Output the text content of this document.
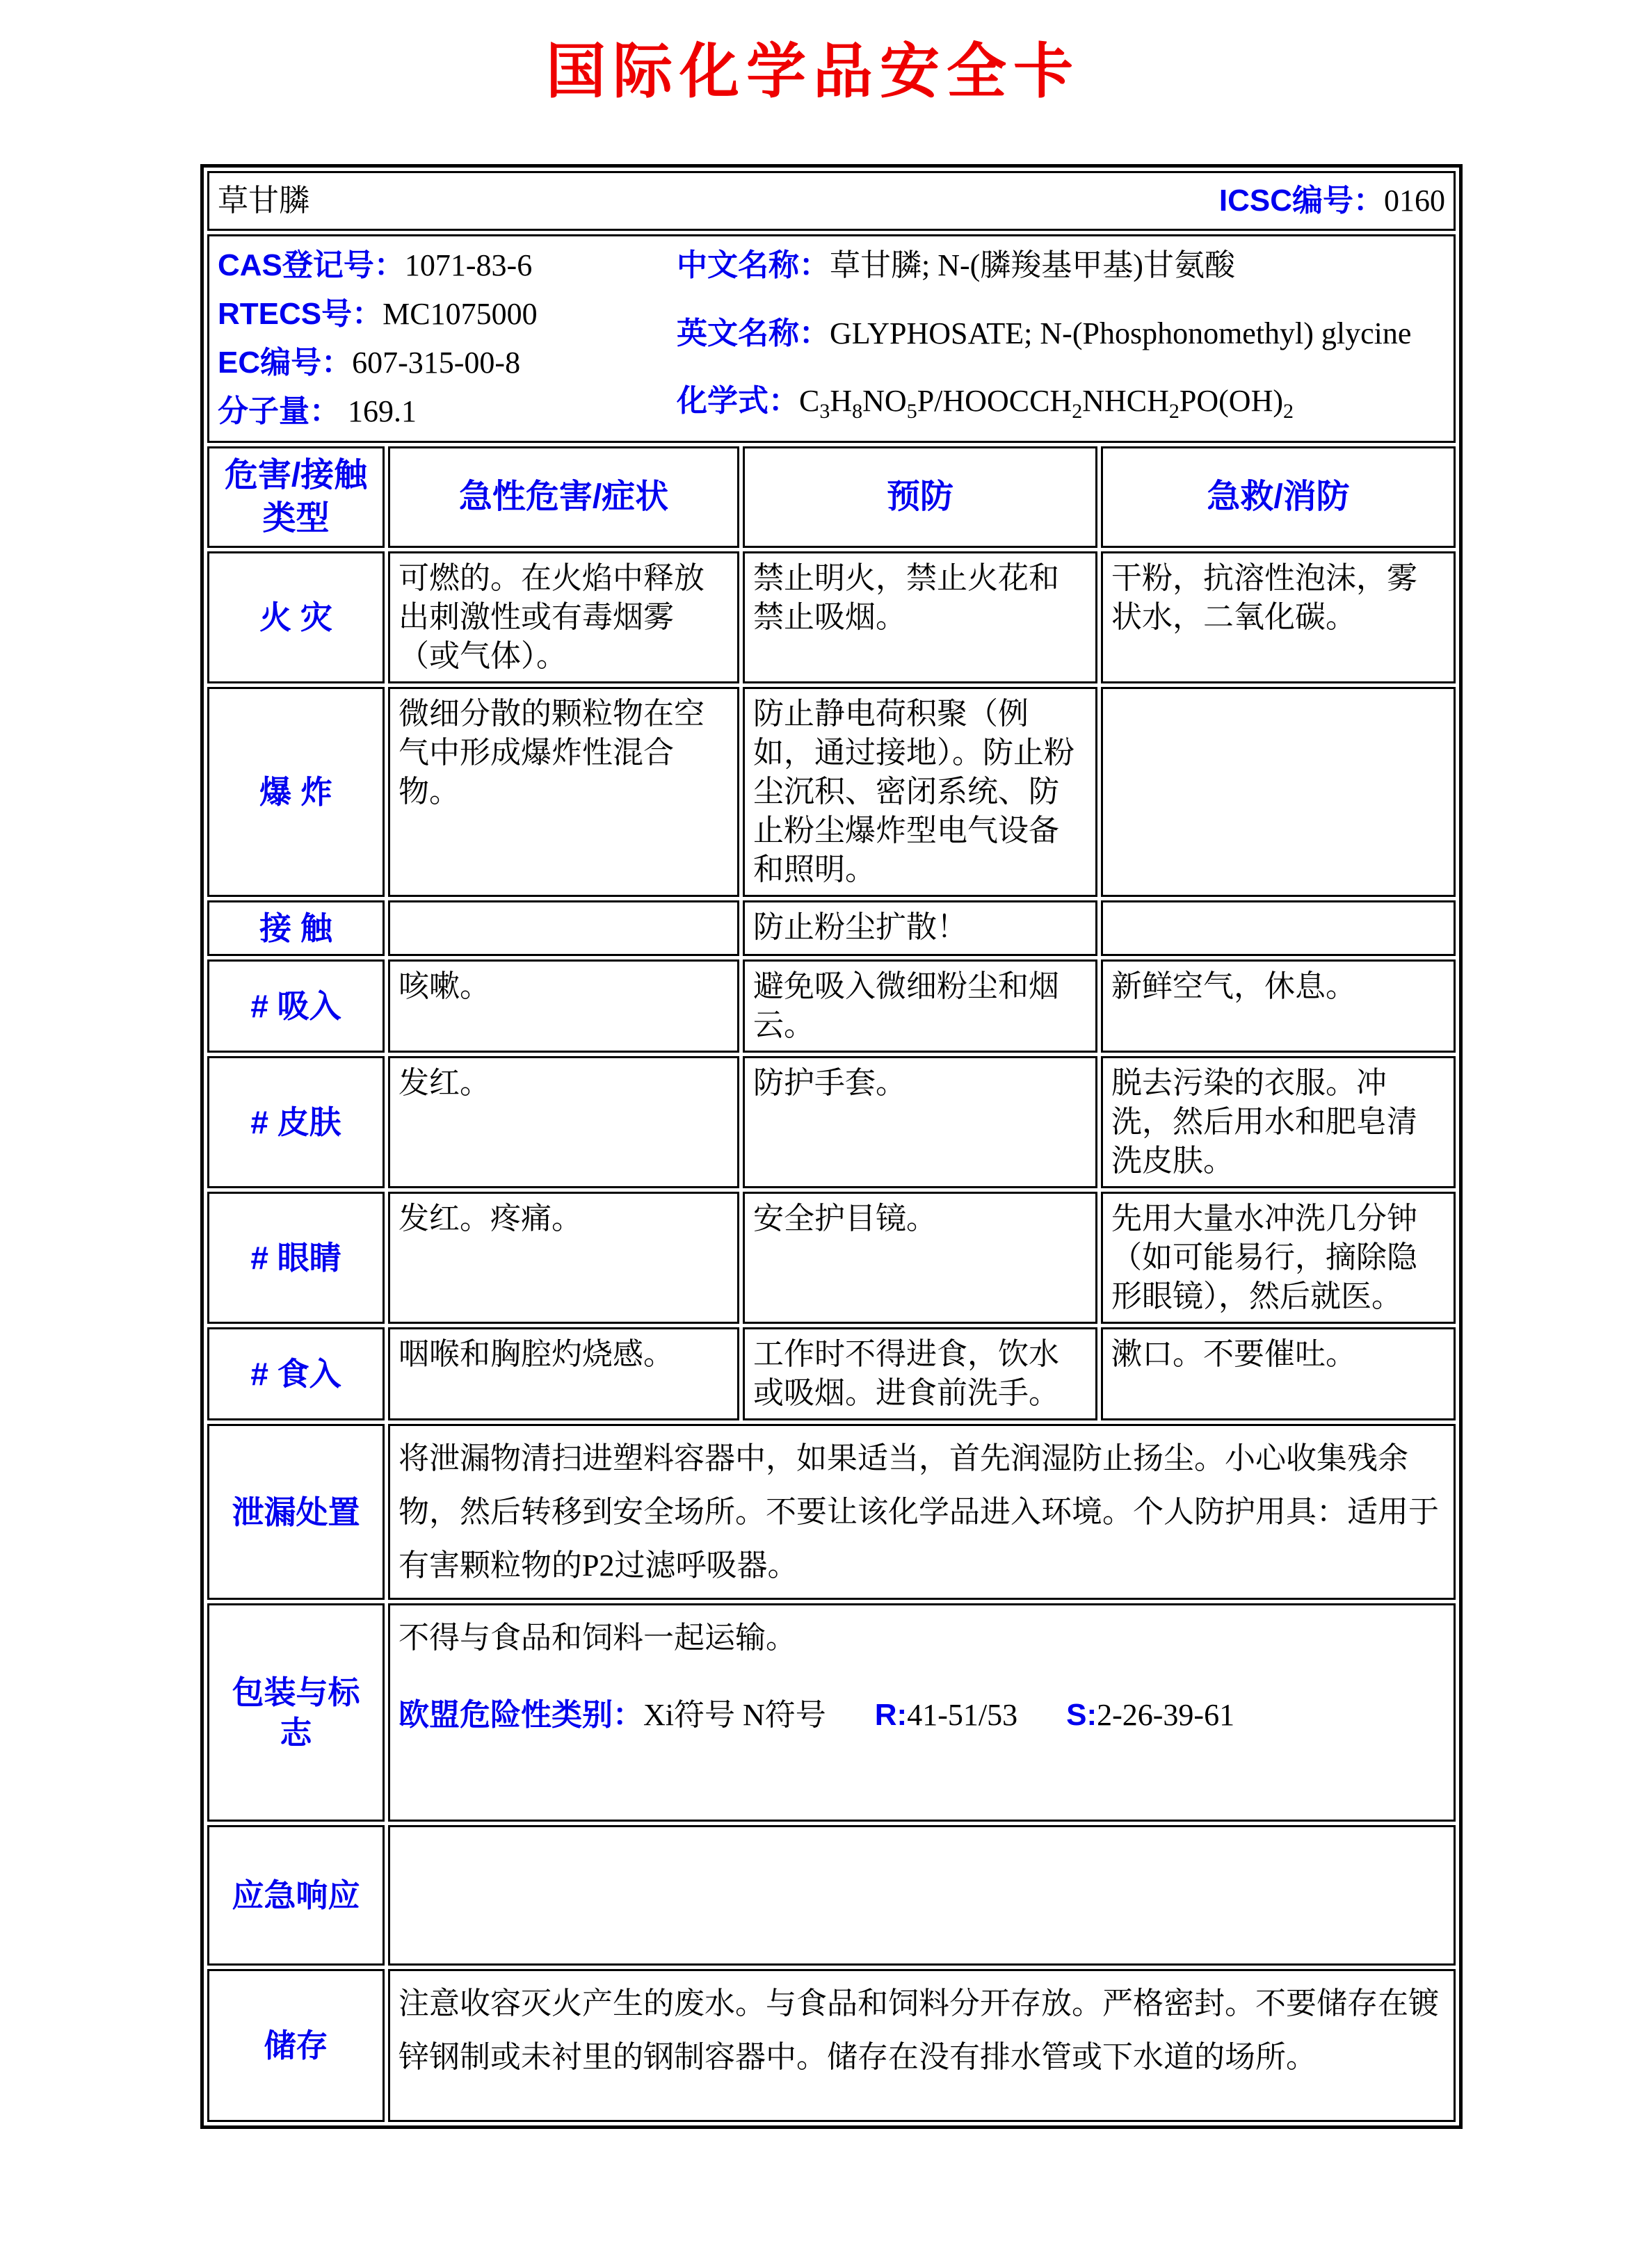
国际化学品安全卡
草甘膦 ICSC编号：0160			

CAS登记号：1071-83-6
RTECS号：MC1075000
EC编号：607-315-00-8
分子量： 169.1
中文名称：草甘膦; N-(膦羧基甲基)甘氨酸
英文名称：GLYPHOSATE; N-(Phosphonomethyl) glycine
化学式：$C_3H_8NO_5P/HOOCCH_2NHCH_2PO(OH)_2$

危害/接触
类型	急性危害/症状	预防	急救/消防
火 灾	可燃的。在火焰中释放出刺激性或有毒烟雾（或气体）。	禁止明火，禁止火花和禁止吸烟。	干粉，抗溶性泡沫，雾状水，二氧化碳。
爆 炸	微细分散的颗粒物在空气中形成爆炸性混合物。	防止静电荷积聚（例如，通过接地）。防止粉尘沉积、密闭系统、防止粉尘爆炸型电气设备和照明。	
接 触		防止粉尘扩散！	
# 吸入	咳嗽。	避免吸入微细粉尘和烟云。	新鲜空气，休息。
# 皮肤	发红。	防护手套。	脱去污染的衣服。冲洗，然后用水和肥皂清洗皮肤。
# 眼睛	发红。疼痛。	安全护目镜。	先用大量水冲洗几分钟（如可能易行，摘除隐形眼镜），然后就医。
# 食入	咽喉和胸腔灼烧感。	工作时不得进食，饮水或吸烟。进食前洗手。	漱口。不要催吐。
泄漏处置	将泄漏物清扫进塑料容器中，如果适当，首先润湿防止扬尘。小心收集残余物，然后转移到安全场所。不要让该化学品进入环境。个人防护用具：适用于有害颗粒物的P2过滤呼吸器。		
包装与标志	不得与食品和饲料一起运输。
欧盟危险性类别：Xi符号 N符号 R:41-51/53 S:2-26-39-61		

应急响应			
储存	注意收容灭火产生的废水。与食品和饲料分开存放。严格密封。不要储存在镀锌钢制或未衬里的钢制容器中。储存在没有排水管或下水道的场所。		
